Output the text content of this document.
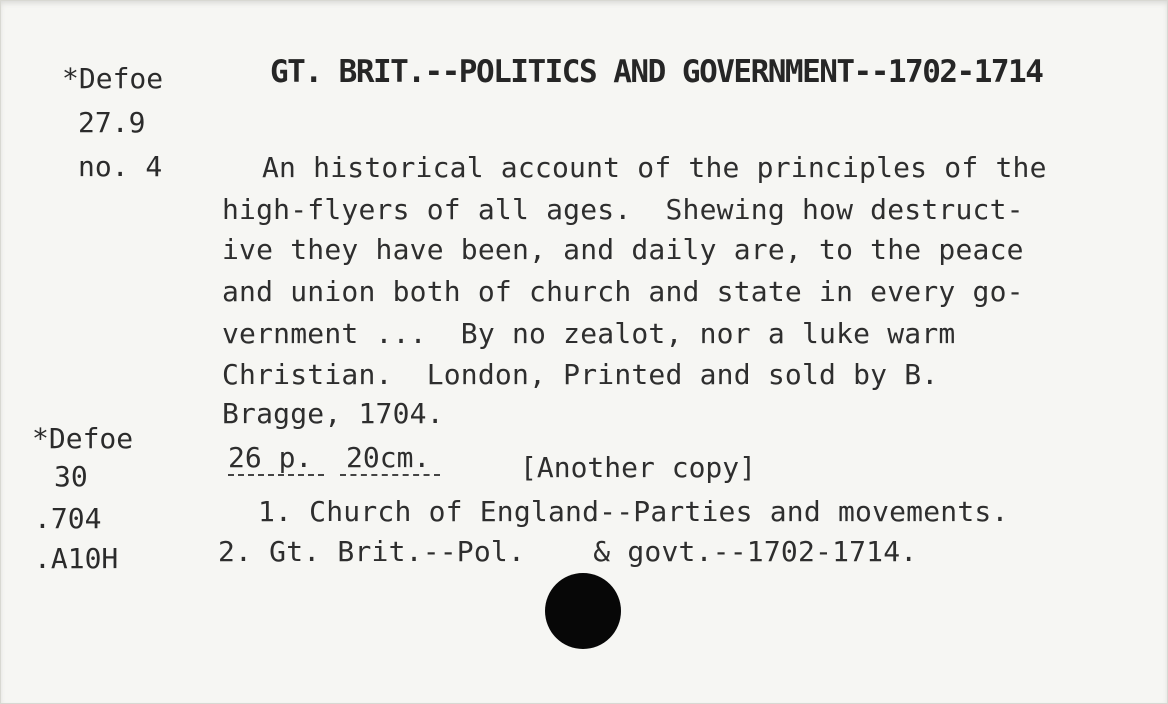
*Defoe
27.9
no. 4
GT. BRIT.--POLITICS AND GOVERNMENT--1702-1714
An historical account of the principles of the
high-flyers of all ages.  Shewing how destruct-
ive they have been, and daily are, to the peace
and union both of church and state in every go-
vernment ...  By no zealot, nor a luke warm
Christian.  London, Printed and sold by B.
Bragge, 1704.
*Defoe
30
.704
.A10H
26 p.  20cm.	[Another copy]
1. Church of England--Parties and movements.
2. Gt. Brit.--Pol.    & govt.--1702-1714.
